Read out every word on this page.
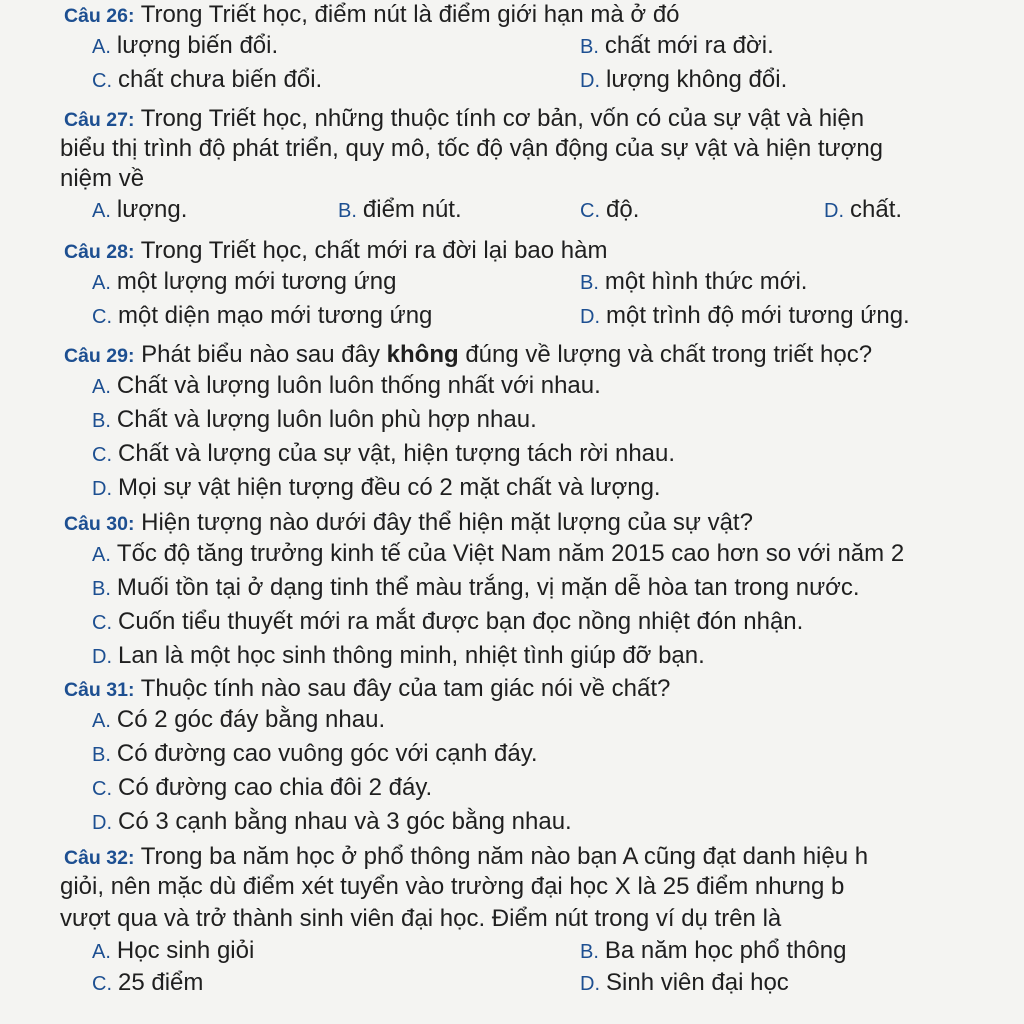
Câu 26: Trong Triết học, điểm nút là điểm giới hạn mà ở đó
A. lượng biến đổi.	B. chất mới ra đời.
C. chất chưa biến đổi.	D. lượng không đổi.
Câu 27: Trong Triết học, những thuộc tính cơ bản, vốn có của sự vật và hiện
biểu thị trình độ phát triển, quy mô, tốc độ vận động của sự vật và hiện tượng
niệm về
A. lượng.	B. điểm nút.	C. độ.	D. chất.
Câu 28: Trong Triết học, chất mới ra đời lại bao hàm
A. một lượng mới tương ứng	B. một hình thức mới.
C. một diện mạo mới tương ứng	D. một trình độ mới tương ứng.
Câu 29: Phát biểu nào sau đây không đúng về lượng và chất trong triết học?
A. Chất và lượng luôn luôn thống nhất với nhau.
B. Chất và lượng luôn luôn phù hợp nhau.
C. Chất và lượng của sự vật, hiện tượng tách rời nhau.
D. Mọi sự vật hiện tượng đều có 2 mặt chất và lượng.
Câu 30: Hiện tượng nào dưới đây thể hiện mặt lượng của sự vật?
A. Tốc độ tăng trưởng kinh tế của Việt Nam năm 2015 cao hơn so với năm 2
B. Muối tồn tại ở dạng tinh thể màu trắng, vị mặn dễ hòa tan trong nước.
C. Cuốn tiểu thuyết mới ra mắt được bạn đọc nồng nhiệt đón nhận.
D. Lan là một học sinh thông minh, nhiệt tình giúp đỡ bạn.
Câu 31: Thuộc tính nào sau đây của tam giác nói về chất?
A. Có 2 góc đáy bằng nhau.
B. Có đường cao vuông góc với cạnh đáy.
C. Có đường cao chia đôi 2 đáy.
D. Có 3 cạnh bằng nhau và 3 góc bằng nhau.
Câu 32: Trong ba năm học ở phổ thông năm nào bạn A cũng đạt danh hiệu h
giỏi, nên mặc dù điểm xét tuyển vào trường đại học X là 25 điểm nhưng b
vượt qua và trở thành sinh viên đại học. Điểm nút trong ví dụ trên là
A. Học sinh giỏi	B. Ba năm học phổ thông
C. 25 điểm	D. Sinh viên đại học
